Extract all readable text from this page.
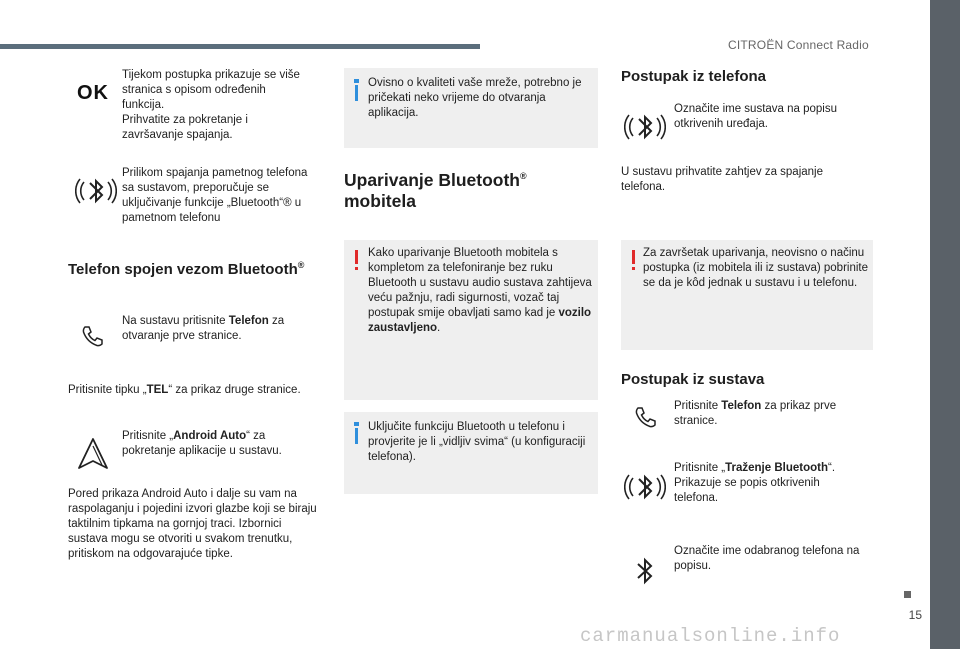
CITROËN Connect Radio
15
carmanualsonline.info
OK
Tijekom postupka prikazuje se više stranica s opisom određenih funkcija.
Prihvatite za pokretanje i završavanje spajanja.
Prilikom spajanja pametnog telefona sa sustavom, preporučuje se uključivanje funkcije „Bluetooth“® u pametnom telefonu
Telefon spojen vezom Bluetooth®
Na sustavu pritisnite Telefon za otvaranje prve stranice.
Pritisnite tipku „TEL“ za prikaz druge stranice.
Pritisnite „Android Auto“ za pokretanje aplikacije u sustavu.
Pored prikaza Android Auto i dalje su vam na raspolaganju i pojedini izvori glazbe koji se biraju taktilnim tipkama na gornjoj traci. Izbornici sustava mogu se otvoriti u svakom trenutku, pritiskom na odgovarajuće tipke.
Ovisno o kvaliteti vaše mreže, potrebno je pričekati neko vrijeme do otvaranja aplikacija.
Uparivanje Bluetooth®
mobitela
Kako uparivanje Bluetooth mobitela s kompletom za telefoniranje bez ruku Bluetooth u sustavu audio sustava zahtijeva veću pažnju, radi sigurnosti, vozač taj postupak smije obavljati samo kad je vozilo zaustavljeno.
Uključite funkciju Bluetooth u telefonu i provjerite je li „vidljiv svima“ (u konfiguraciji telefona).
Postupak iz telefona
Označite ime sustava na popisu otkrivenih uređaja.
U sustavu prihvatite zahtjev za spajanje telefona.
Za završetak uparivanja, neovisno o načinu postupka (iz mobitela ili iz sustava) pobrinite se da je kôd jednak u sustavu i u telefonu.
Postupak iz sustava
Pritisnite Telefon za prikaz prve stranice.
Pritisnite „Traženje Bluetooth“. Prikazuje se popis otkrivenih telefona.
Označite ime odabranog telefona na popisu.
